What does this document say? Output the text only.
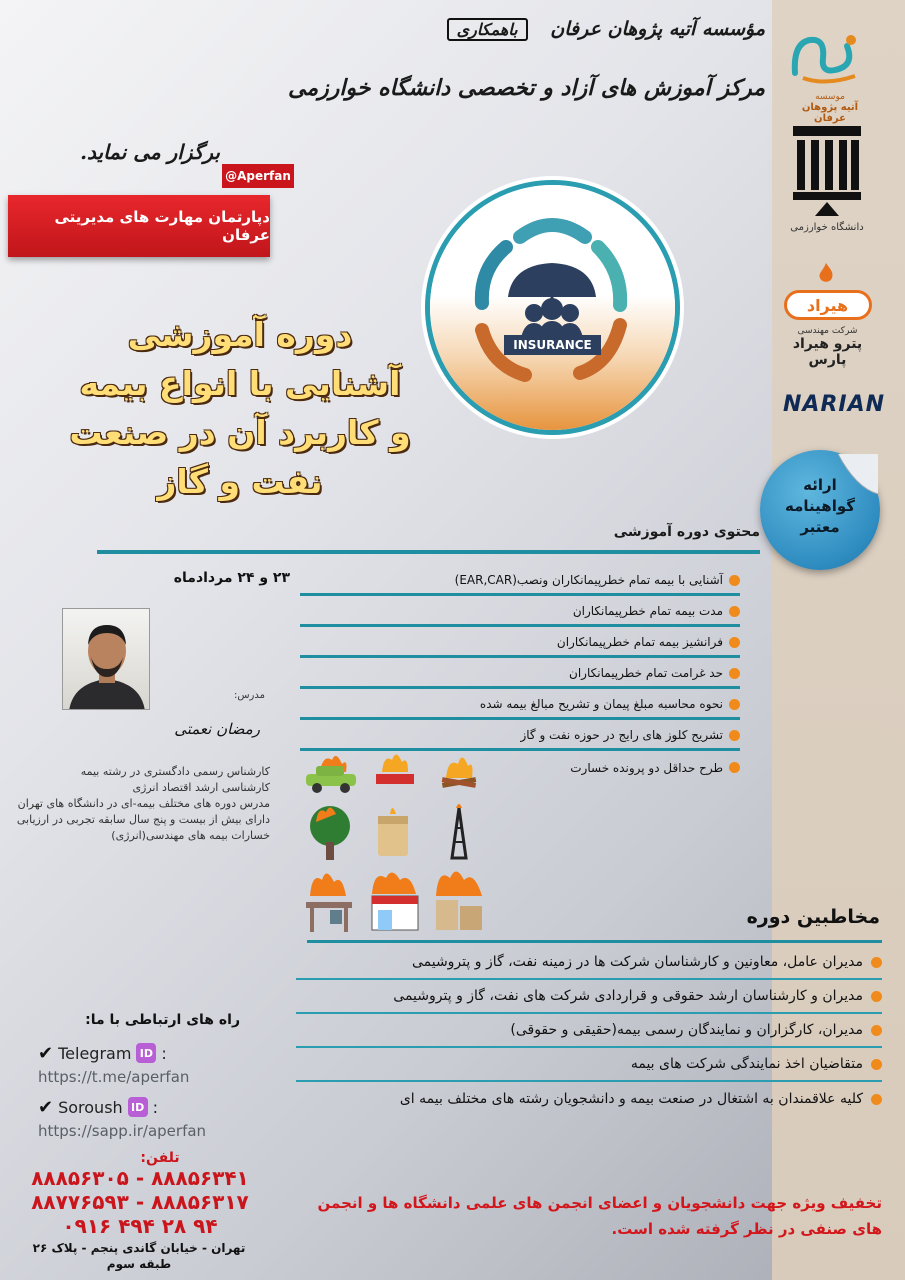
موسسه
آتیه پژوهان عرفان
دانشگاه خوارزمی
هیراد
شرکت مهندسی
پترو هیراد پارس
NARIAN
ارائه
گواهینامه
معتبر
مؤسسه آتیه پژوهان عرفان باهمکاری
مرکز آموزش های آزاد و تخصصی دانشگاه خوارزمی
برگزار می نماید.
@Aperfan
دپارتمان مهارت های مدیریتی عرفان
INSURANCE
دوره آموزشی
آشنایی با انواع بیمه
و کاربرد آن در صنعت
نفت و گاز
محتوی دوره آموزشی
۲۳ و ۲۴ مردادماه	آشنایی با بیمه تمام خطرپیمانکاران ونصب(EAR,CAR)
مدت بیمه تمام خطرپیمانکاران
فرانشیز بیمه تمام خطرپیمانکاران
حد غرامت تمام خطرپیمانکاران
نحوه محاسبه مبلغ پیمان و تشریح مبالغ بیمه شده
تشریح کلوز های رایج در حوزه نفت و گاز
طرح حداقل دو پرونده خسارت
مدرس:
رمضان نعمتی
کارشناس رسمی دادگستری در رشته بیمه
کارشناسی ارشد اقتصاد انرژی
مدرس دوره های مختلف بیمه-ای در دانشگاه های تهران
دارای بیش از بیست و پنج سال سابقه تجربی در ارزیابی خسارات بیمه های مهندسی(انرژی)
مخاطبین دوره
مدیران عامل، معاونین و کارشناسان شرکت ها در زمینه نفت، گاز و پتروشیمی
مدیران و کارشناسان ارشد حقوقی و قراردادی شرکت های نفت، گاز و پتروشیمی
مدیران، کارگزاران و نمایندگان رسمی بیمه(حقیقی و حقوقی)
متقاضیان اخذ نمایندگی شرکت های بیمه
کلیه علاقمندان به اشتغال در صنعت بیمه و دانشجویان رشته های مختلف بیمه ای
راه های ارتباطی با ما:
✔ Telegram ID :
https://t.me/aperfan
✔ Soroush ID :
https://sapp.ir/aperfan
تلفن:
۸۸۸۵۶۳۰۵ - ۸۸۸۵۶۳۴۱
۸۸۷۷۶۵۹۳ - ۸۸۸۵۶۳۱۷
۰۹۱۶ ۴۹۴ ۲۸ ۹۴
تهران - خیابان گاندی پنجم - پلاک ۲۶
طبقه سوم
تخفیف ویژه جهت دانشجویان و اعضای انجمن های علمی دانشگاه ها و انجمن های صنفی در نظر گرفته شده است.
